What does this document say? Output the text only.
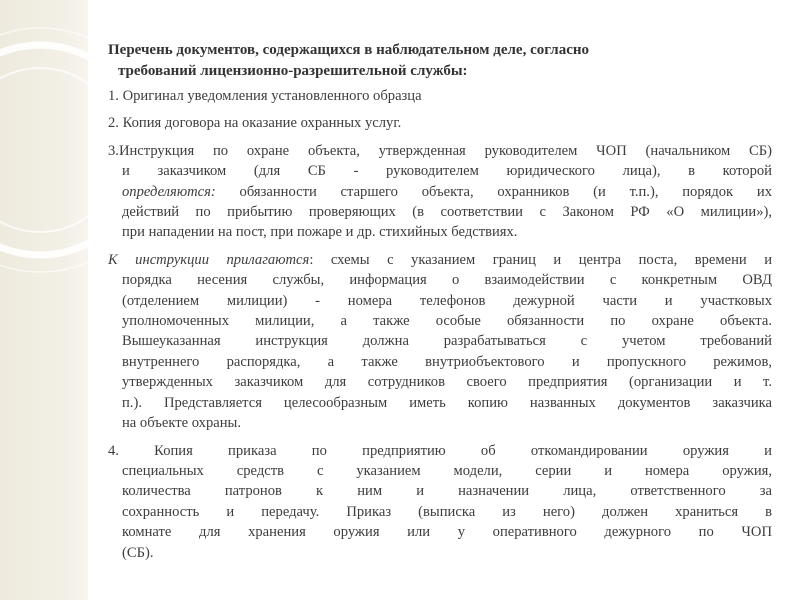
Перечень документов, содержащихся в наблюдательном деле, согласно
требований лицензионно-разрешительной службы:

1. Оригинал уведомления установленного образца

2. Копия договора на оказание охранных услуг.

3.Инструкция по охране объекта, утвержденная руководителем ЧОП (начальником СБ)
и заказчиком (для СБ - руководителем юридического лица), в которой
определяются: обязанности старшего объекта, охранников (и т.п.), порядок их
действий по прибытию проверяющих (в соответствии с Законом РФ «О милиции»),
при нападении на пост, при пожаре и др. стихийных бедствиях.

К инструкции прилагаются: схемы с указанием границ и центра поста, времени и
порядка несения службы, информация о взаимодействии с конкретным ОВД
(отделением милиции) - номера телефонов дежурной части и участковых
уполномоченных милиции, а также особые обязанности по охране объекта.
Вышеуказанная инструкция должна разрабатываться с учетом требований
внутреннего распорядка, а также внутриобъектового и пропускного режимов,
утвержденных заказчиком для сотрудников своего предприятия (организации и т.
п.). Представляется целесообразным иметь копию названных документов заказчика
на объекте охраны.

4. Копия приказа по предприятию об откомандировании оружия и
специальных средств с указанием модели, серии и номера оружия,
количества патронов к ним и назначении лица, ответственного за
сохранность и передачу. Приказ (выписка из него) должен храниться в
комнате для хранения оружия или у оперативного дежурного по ЧОП
(СБ).
